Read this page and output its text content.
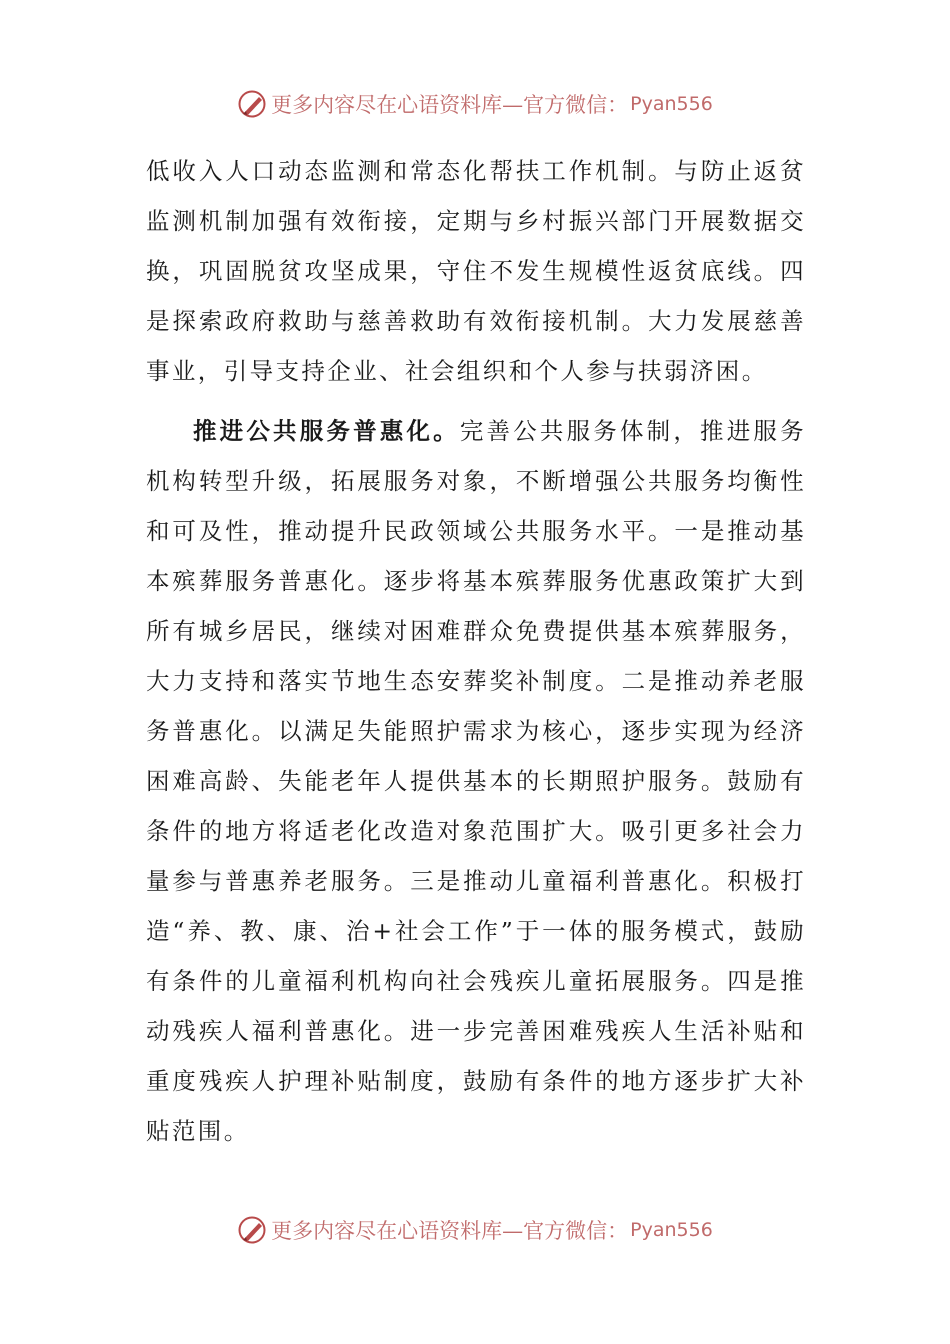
更多内容尽在心语资料库—官方微信： Pyan556

低收入人口动态监测和常态化帮扶工作机制。与防止返贫监测机制加强有效衔接，定期与乡村振兴部门开展数据交换，巩固脱贫攻坚成果，守住不发生规模性返贫底线。四是探索政府救助与慈善救助有效衔接机制。大力发展慈善事业，引导支持企业、社会组织和个人参与扶弱济困。

推进公共服务普惠化。完善公共服务体制，推进服务机构转型升级，拓展服务对象，不断增强公共服务均衡性和可及性，推动提升民政领域公共服务水平。一是推动基本殡葬服务普惠化。逐步将基本殡葬服务优惠政策扩大到所有城乡居民，继续对困难群众免费提供基本殡葬服务，大力支持和落实节地生态安葬奖补制度。二是推动养老服务普惠化。以满足失能照护需求为核心，逐步实现为经济困难高龄、失能老年人提供基本的长期照护服务。鼓励有条件的地方将适老化改造对象范围扩大。吸引更多社会力量参与普惠养老服务。三是推动儿童福利普惠化。积极打造“养、教、康、治+社会工作”于一体的服务模式，鼓励有条件的儿童福利机构向社会残疾儿童拓展服务。四是推动残疾人福利普惠化。进一步完善困难残疾人生活补贴和重度残疾人护理补贴制度，鼓励有条件的地方逐步扩大补贴范围。

更多内容尽在心语资料库—官方微信： Pyan556
